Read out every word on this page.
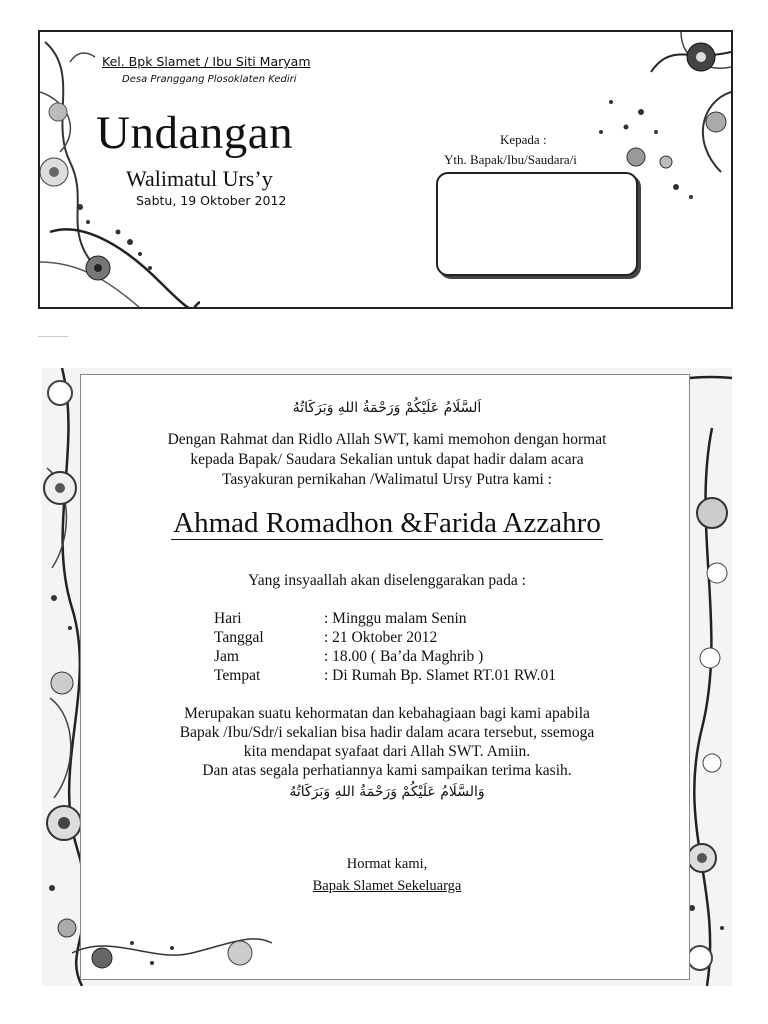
Kel. Bpk Slamet / Ibu Siti Maryam
Desa Pranggang Plosoklaten Kediri
Undangan
Walimatul Urs’y
Sabtu, 19 Oktober 2012
Kepada :
Yth. Bapak/Ibu/Saudara/i
اَلسَّلَامُ عَلَيْكُمْ وَرَحْمَةُ اللهِ وَبَرَكَاتُهُ
Dengan Rahmat dan Ridlo Allah SWT, kami memohon dengan hormat
kepada Bapak/ Saudara Sekalian untuk dapat hadir dalam acara
Tasyakuran pernikahan /Walimatul Ursy Putra kami :
Ahmad Romadhon &Farida Azzahro
Yang insyaallah akan diselenggarakan pada :
Hari	: Minggu malam Senin
Tanggal	: 21 Oktober 2012
Jam	: 18.00 ( Ba’da Maghrib )
Tempat	: Di Rumah Bp. Slamet RT.01 RW.01
Merupakan suatu kehormatan dan kebahagiaan bagi kami apabila
Bapak /Ibu/Sdr/i sekalian bisa hadir dalam acara tersebut, ssemoga
kita mendapat syafaat dari Allah SWT. Amiin.
Dan atas segala perhatiannya kami sampaikan terima kasih.
وَالسَّلَامُ عَلَيْكُمْ وَرَحْمَةُ اللهِ وَبَرَكَاتُهُ
Hormat kami,
Bapak Slamet Sekeluarga
